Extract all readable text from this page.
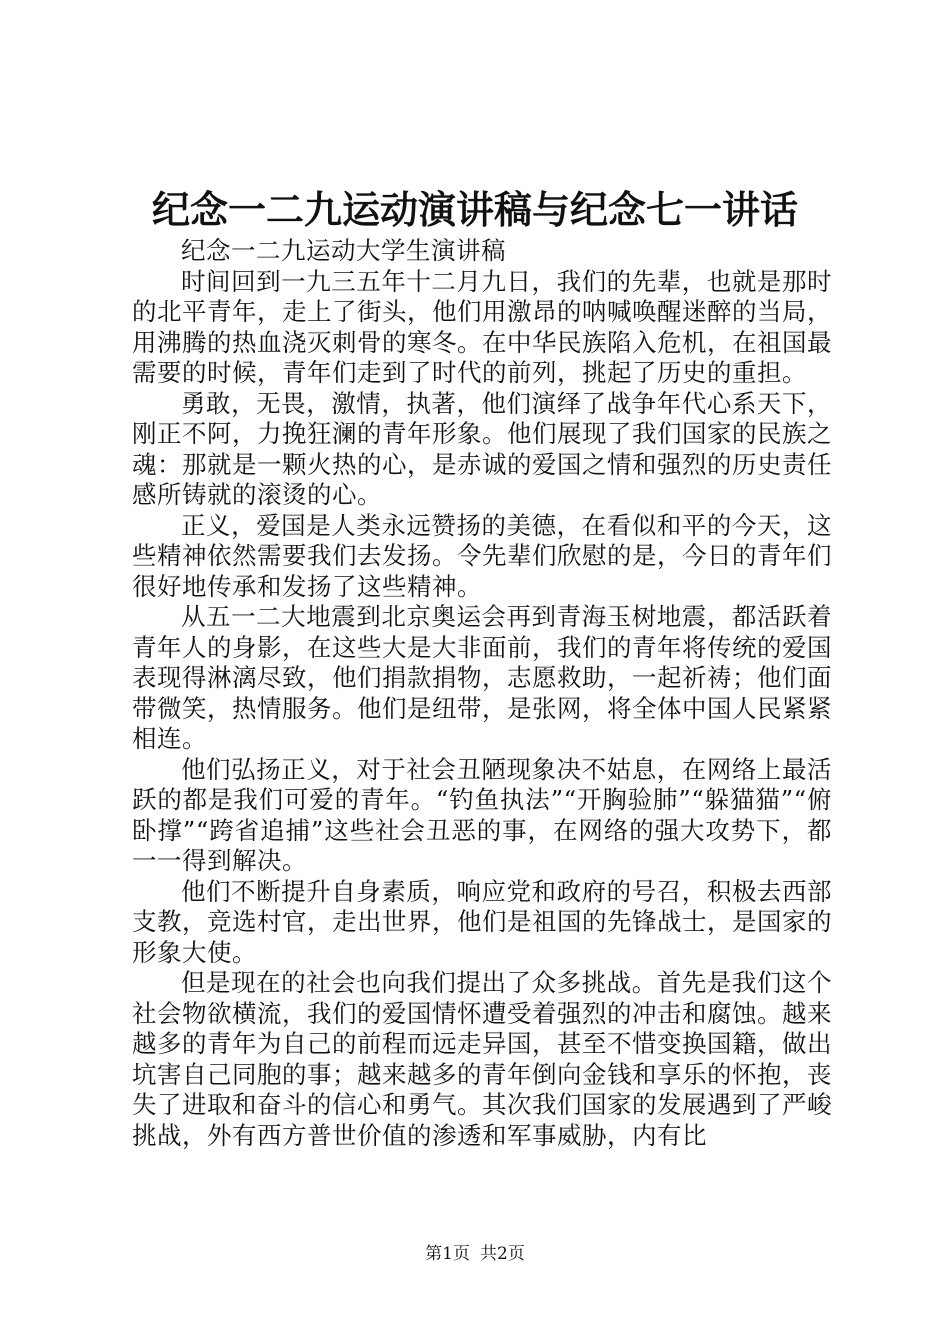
纪念一二九运动演讲稿与纪念七一讲话

纪念一二九运动大学生演讲稿

时间回到一九三五年十二月九日，我们的先辈，也就是那时的北平青年，走上了街头，他们用激昂的呐喊唤醒迷醉的当局，用沸腾的热血浇灭刺骨的寒冬。在中华民族陷入危机，在祖国最需要的时候，青年们走到了时代的前列，挑起了历史的重担。

勇敢，无畏，激情，执著，他们演绎了战争年代心系天下，刚正不阿，力挽狂澜的青年形象。他们展现了我们国家的民族之魂：那就是一颗火热的心，是赤诚的爱国之情和强烈的历史责任感所铸就的滚烫的心。

正义，爱国是人类永远赞扬的美德，在看似和平的今天，这些精神依然需要我们去发扬。令先辈们欣慰的是，今日的青年们很好地传承和发扬了这些精神。

从五一二大地震到北京奥运会再到青海玉树地震，都活跃着青年人的身影，在这些大是大非面前，我们的青年将传统的爱国表现得淋漓尽致，他们捐款捐物，志愿救助，一起祈祷；他们面带微笑，热情服务。他们是纽带，是张网，将全体中国人民紧紧相连。

他们弘扬正义，对于社会丑陋现象决不姑息，在网络上最活跃的都是我们可爱的青年。“钓鱼执法”“开胸验肺”“躲猫猫”“俯卧撑”“跨省追捕”这些社会丑恶的事，在网络的强大攻势下，都一一得到解决。

他们不断提升自身素质，响应党和政府的号召，积极去西部支教，竞选村官，走出世界，他们是祖国的先锋战士，是国家的形象大使。

但是现在的社会也向我们提出了众多挑战。首先是我们这个社会物欲横流，我们的爱国情怀遭受着强烈的冲击和腐蚀。越来越多的青年为自己的前程而远走异国，甚至不惜变换国籍，做出坑害自己同胞的事；越来越多的青年倒向金钱和享乐的怀抱，丧失了进取和奋斗的信心和勇气。其次我们国家的发展遇到了严峻挑战，外有西方普世价值的渗透和军事威胁，内有比

第1页 共2页
